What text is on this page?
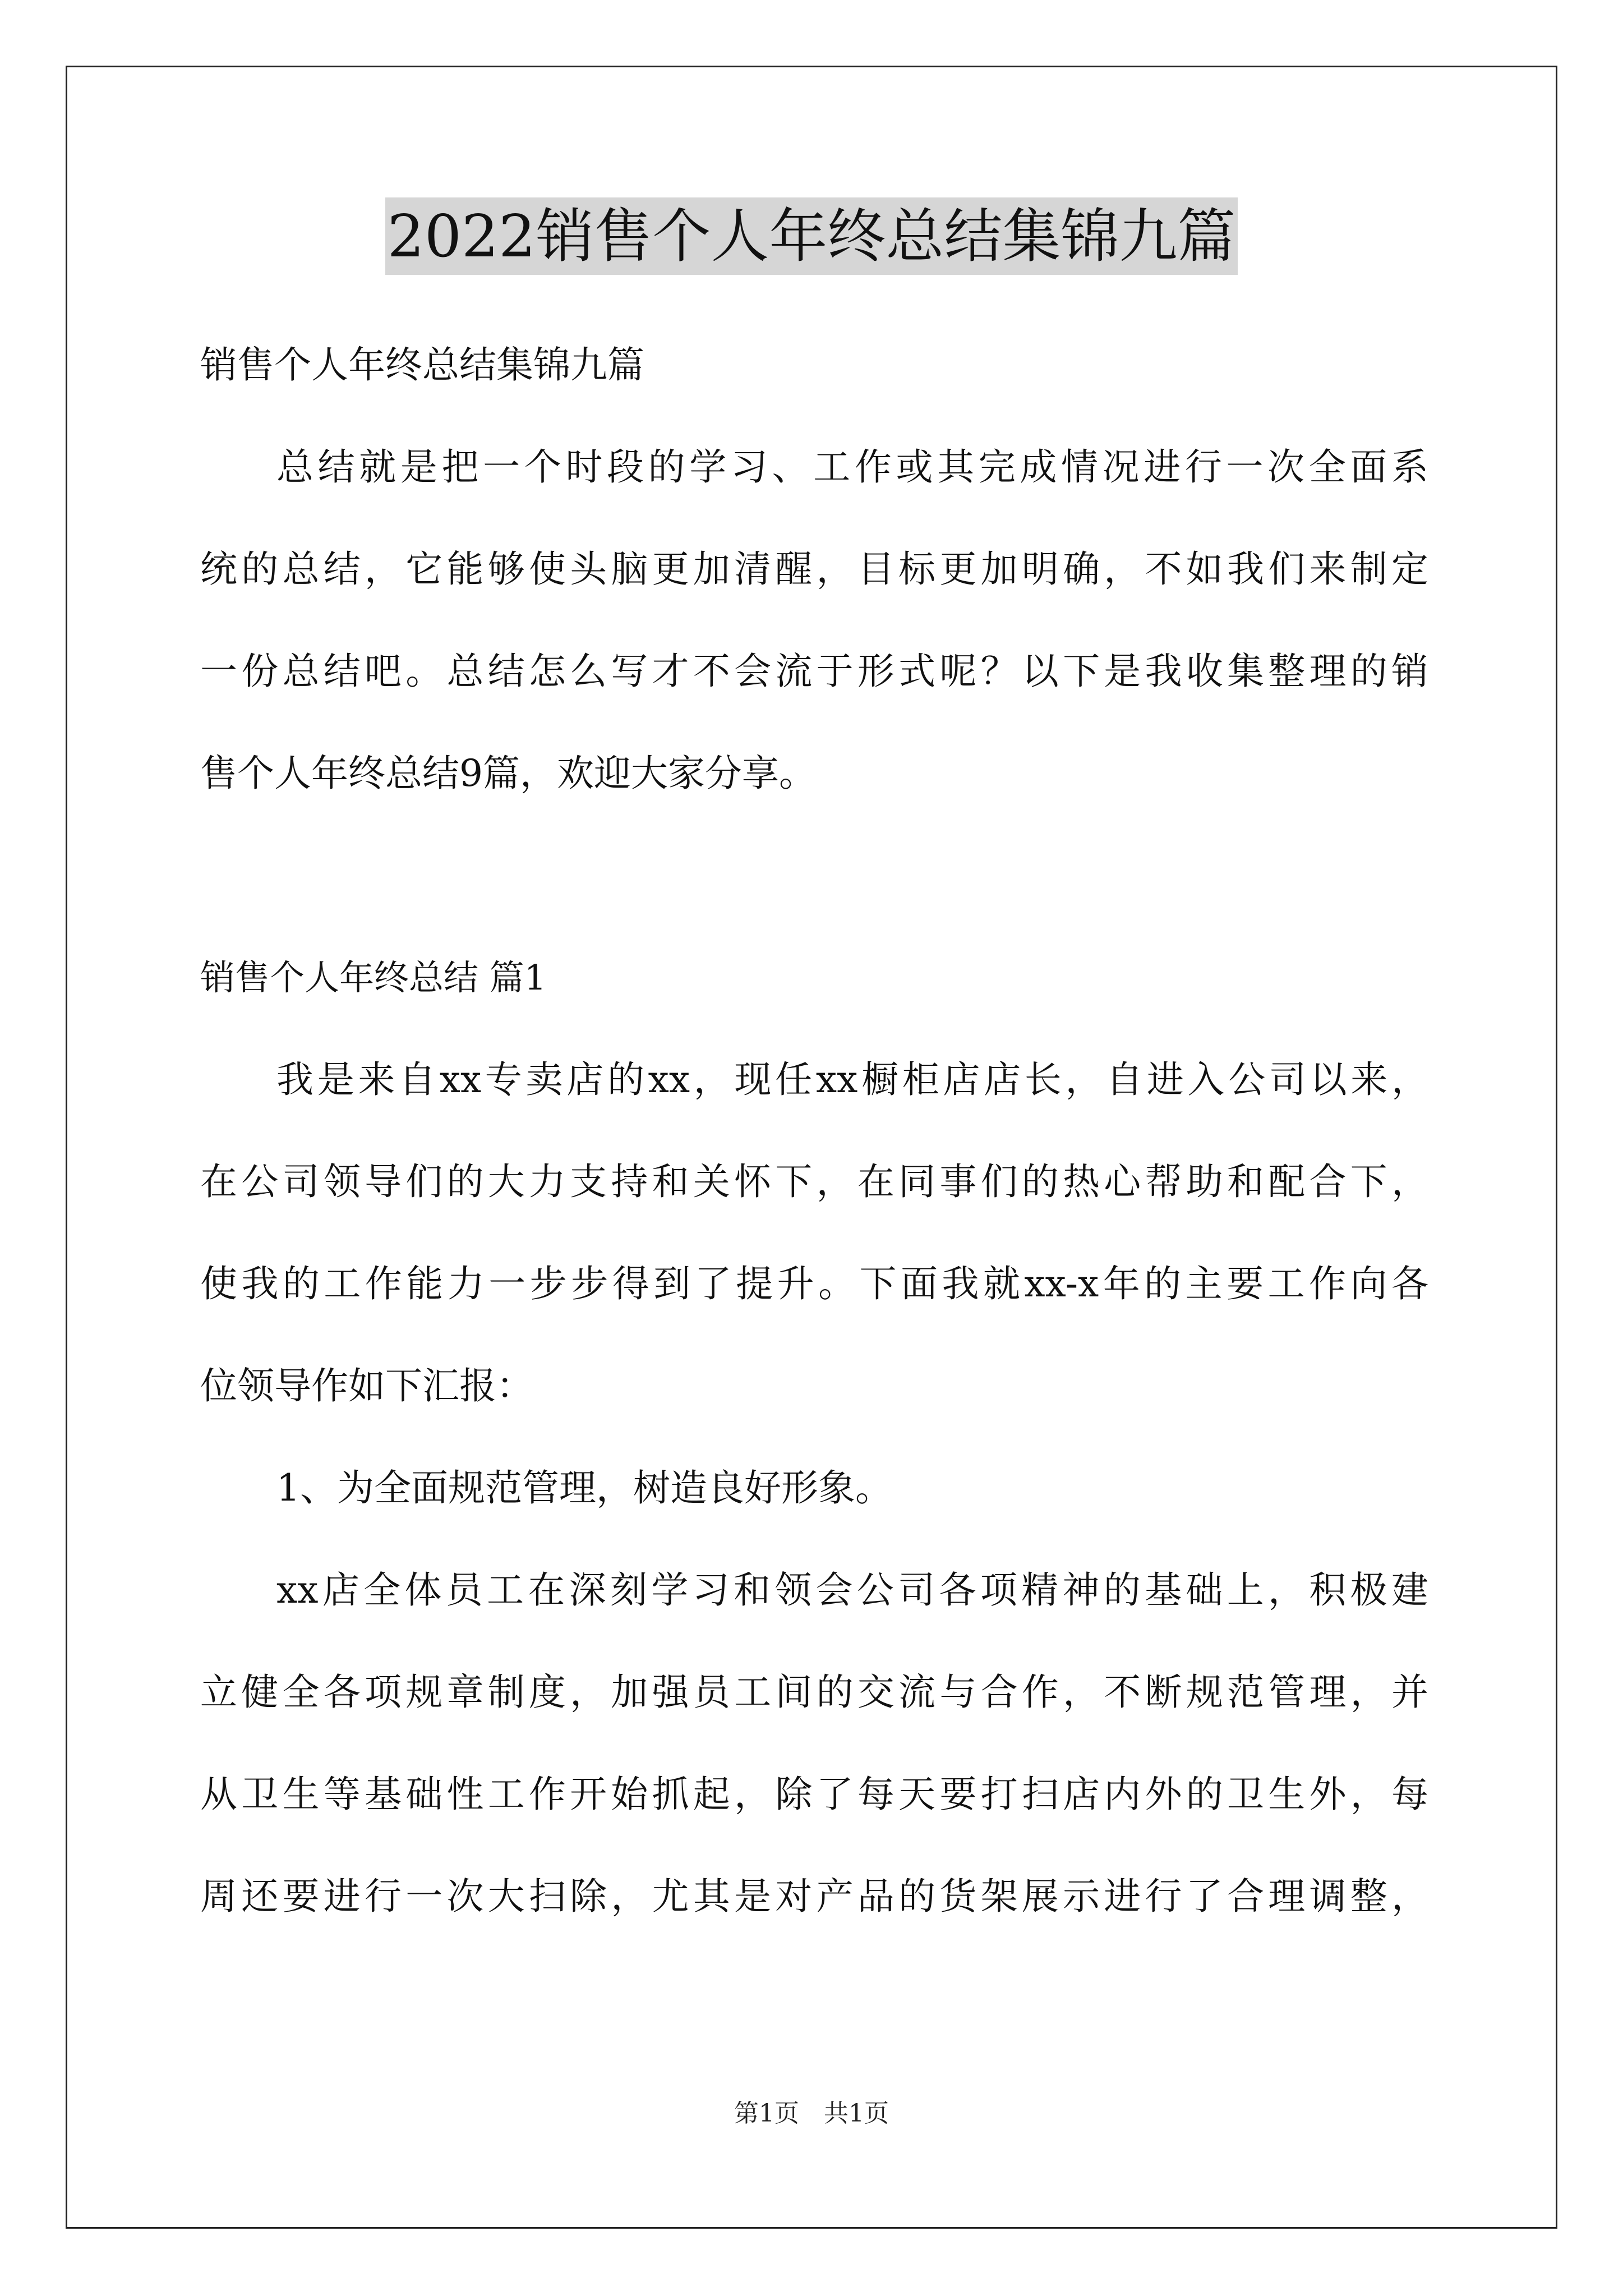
2022销售个人年终总结集锦九篇
销售个人年终总结集锦九篇
总结就是把一个时段的学习、工作或其完成情况进行一次全面系
统的总结，它能够使头脑更加清醒，目标更加明确，不如我们来制定
一份总结吧。总结怎么写才不会流于形式呢？以下是我收集整理的销
售个人年终总结9篇，欢迎大家分享。
销售个人年终总结 篇1
我是来自xx专卖店的xx，现任xx橱柜店店长，自进入公司以来，
在公司领导们的大力支持和关怀下，在同事们的热心帮助和配合下，
使我的工作能力一步步得到了提升。下面我就xx-x年的主要工作向各
位领导作如下汇报：
1、为全面规范管理，树造良好形象。
xx店全体员工在深刻学习和领会公司各项精神的基础上，积极建
立健全各项规章制度，加强员工间的交流与合作，不断规范管理，并
从卫生等基础性工作开始抓起，除了每天要打扫店内外的卫生外，每
周还要进行一次大扫除，尤其是对产品的货架展示进行了合理调整，
第1页　共1页
